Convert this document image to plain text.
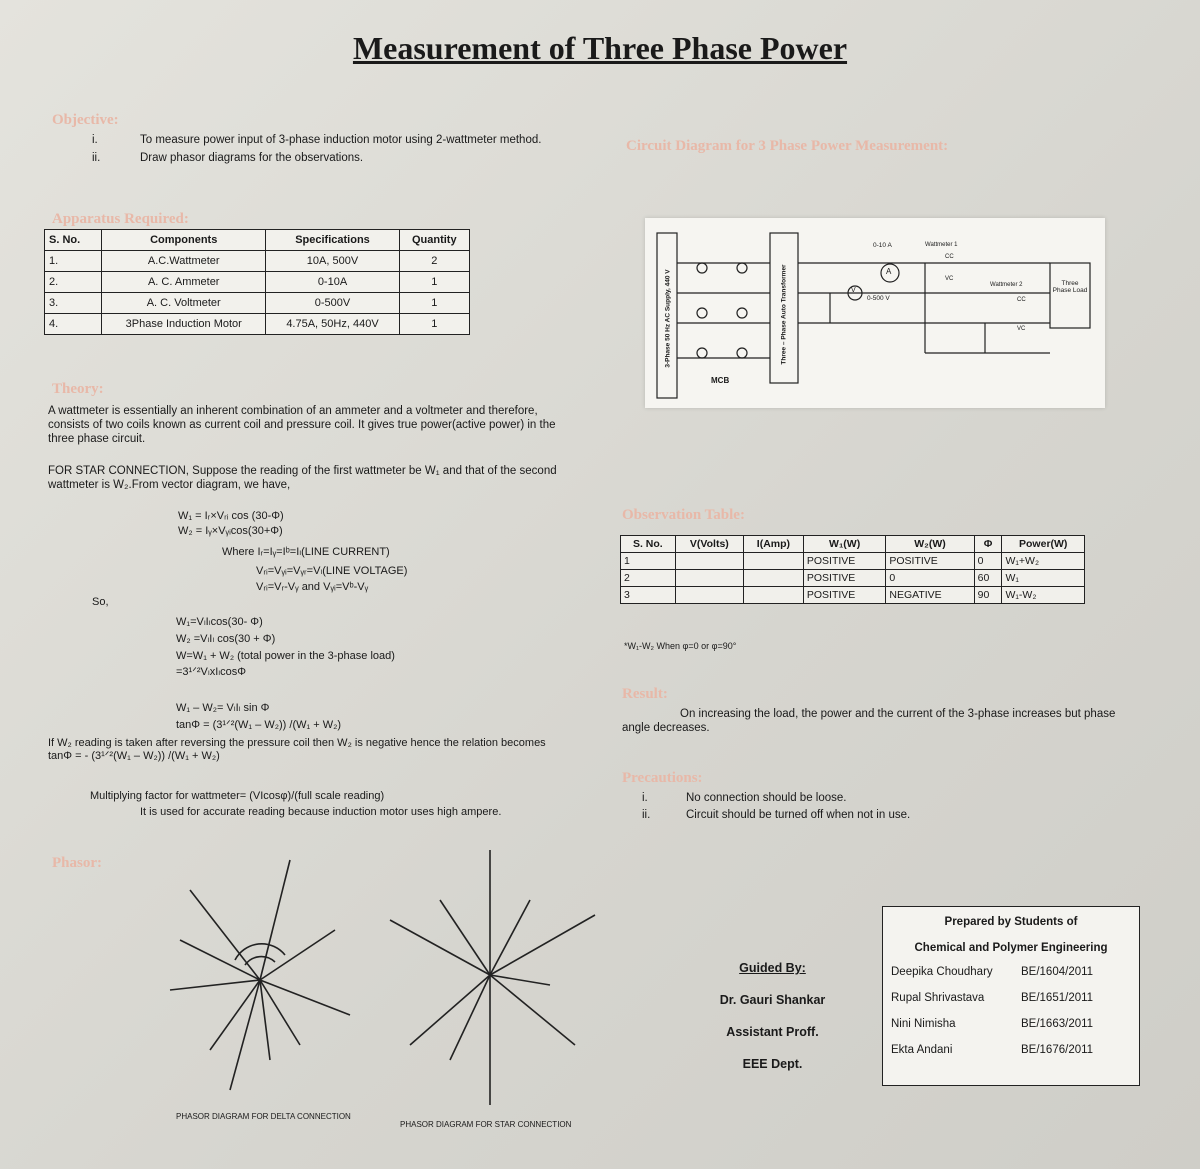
Measurement of Three Phase Power
Objective:
i.	To measure power input of 3-phase induction motor using 2-wattmeter method.
ii.	Draw phasor diagrams for the observations.
Apparatus Required:
S. No.	Components	Specifications	Quantity
1.	A.C.Wattmeter	10A, 500V	2
2.	A. C. Ammeter	0-10A	1
3.	A. C. Voltmeter	0-500V	1
4.	3Phase Induction Motor	4.75A, 50Hz, 440V	1
Theory:
A wattmeter is essentially an inherent combination of an ammeter and a voltmeter and therefore, consists of two coils known as current coil and pressure coil. It gives true power(active power) in the three phase circuit.
FOR STAR CONNECTION, Suppose the reading of the first wattmeter be W₁ and that of the second wattmeter is W₂.From vector diagram, we have,
W₁ = Iᵣ×Vᵣᵢ cos (30-Φ)
W₂ = Iᵧ×Vᵧᵢcos(30+Φ)
Where Iᵣ=Iᵧ=Iᵇ=Iₗ(LINE CURRENT)
Vᵣᵢ=Vᵧᵢ=Vᵧᵣ=Vₗ(LINE VOLTAGE)
Vᵣᵢ=Vᵣ-Vᵧ and Vᵧᵢ=Vᵇ-Vᵧ
So,
W₁=VₗIₗcos(30- Φ)
W₂ =VₗIₗ cos(30 + Φ)
W=W₁ + W₂ (total power in the 3-phase load)
=3¹ᐟ²VₗxIₗcosΦ
W₁ – W₂= VₗIₗ sin Φ
tanΦ = (3¹ᐟ²(W₁ – W₂)) /(W₁ + W₂)
If W₂ reading is taken after reversing the pressure coil then W₂ is negative hence the relation becomes tanΦ = - (3¹ᐟ²(W₁ – W₂)) /(W₁ + W₂)
Multiplying factor for wattmeter= (VIcosφ)/(full scale reading)
It is used for accurate reading because induction motor uses high ampere.
Phasor:
PHASOR DIAGRAM FOR DELTA CONNECTION
PHASOR DIAGRAM FOR STAR CONNECTION
Circuit Diagram for 3 Phase Power Measurement:
3-Phase 50 Hz AC Supply, 440 V	Three – Phase Auto Transformer
MCB
0-10 A
A
V
0-500 V
Wattmeter 1
CC
VC
Wattmeter 2
CC
VC
Three Phase Load
Observation Table:
S. No.	V(Volts)	I(Amp)	W₁(W)	W₂(W)	Φ	Power(W)
1			POSITIVE	POSITIVE	0	W₁+W₂
2			POSITIVE	0	60	W₁
3			POSITIVE	NEGATIVE	90	W₁-W₂
*W₁-W₂ When φ=0 or φ=90°
Result:
On increasing the load, the power and the current of the 3-phase increases but phase angle decreases.
Precautions:
i.	No connection should be loose.
ii.	Circuit should be turned off when not in use.
Guided By:
Dr. Gauri Shankar
Assistant Proff.
EEE Dept.
Prepared by Students of
Chemical and Polymer Engineering
Deepika Choudhary	BE/1604/2011
Rupal Shrivastava	BE/1651/2011
Nini Nimisha	BE/1663/2011
Ekta Andani	BE/1676/2011
